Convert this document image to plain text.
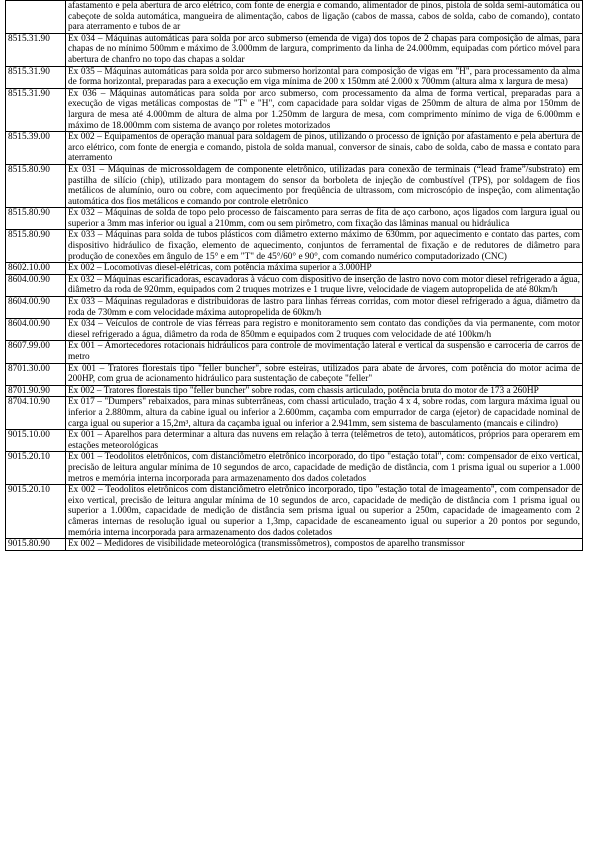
	afastamento e pela abertura de arco elétrico, com fonte de energia e comando, alimentador de pinos, pistola de solda semi-automática ou cabeçote de solda automática, mangueira de alimentação, cabos de ligação (cabos de massa, cabos de solda, cabo de comando), contato para aterramento e tubos de ar
8515.31.90	Ex 034 – Máquinas automáticas para solda por arco submerso (emenda de viga) dos topos de 2 chapas para composição de almas, para chapas de no mínimo 500mm e máximo de 3.000mm de largura, comprimento da linha de 24.000mm, equipadas com pórtico móvel para abertura de chanfro no topo das chapas a soldar
8515.31.90	Ex 035 – Máquinas automáticas para solda por arco submerso horizontal para composição de vigas em "H", para processamento da alma de forma horizontal, preparadas para a execução em viga mínima de 200 x 150mm até 2.000 x 700mm (altura alma x largura de mesa)
8515.31.90	Ex 036 – Máquinas automáticas para solda por arco submerso, com processamento da alma de forma vertical, preparadas para a execução de vigas metálicas compostas de "T" e "H", com capacidade para soldar vigas de 250mm de altura de alma por 150mm de largura de mesa até 4.000mm de altura de alma por 1.250mm de largura de mesa, com comprimento mínimo de viga de 6.000mm e máximo de 18.000mm com sistema de avanço por roletes motorizados
8515.39.00	Ex 002 – Equipamentos de operação manual para soldagem de pinos, utilizando o processo de ignição por afastamento e pela abertura de arco elétrico, com fonte de energia e comando, pistola de solda manual, conversor de sinais, cabo de solda, cabo de massa e contato para aterramento
8515.80.90	Ex 031 – Máquinas de microssoldagem de componente eletrônico, utilizadas para conexão de terminais (“lead frame”/substrato) em pastilha de silício (chip), utilizado para montagem do sensor da borboleta de injeção de combustível (TPS), por soldagem de fios metálicos de alumínio, ouro ou cobre, com aquecimento por freqüência de ultrassom, com microscópio de inspeção, com alimentação automática dos fios metálicos e comando por controle eletrônico
8515.80.90	Ex 032 – Máquinas de solda de topo pelo processo de faiscamento para serras de fita de aço carbono, aços ligados com largura igual ou superior a 3mm mas inferior ou igual a 210mm, com ou sem pirômetro, com fixação das lâminas manual ou hidráulica
8515.80.90	Ex 033 – Máquinas para solda de tubos plásticos com diâmetro externo máximo de 630mm, por aquecimento e contato das partes, com dispositivo hidráulico de fixação, elemento de aquecimento, conjuntos de ferramental de fixação e de redutores de diâmetro para produção de conexões em ângulo de 15° e em "T" de 45°/60° e 90°, com comando numérico computadorizado (CNC)
8602.10.00	Ex 002 – Locomotivas diesel-elétricas, com potência máxima superior a 3.000HP
8604.00.90	Ex 032 – Máquinas escarificadoras, escavadoras à vácuo com dispositivo de inserção de lastro novo com motor diesel refrigerado a água, diâmetro da roda de 920mm, equipados com 2 truques motrizes e 1 truque livre, velocidade de viagem autopropelida de até 80km/h
8604.00.90	Ex 033 – Máquinas reguladoras e distribuidoras de lastro para linhas férreas corridas, com motor diesel refrigerado a água, diâmetro da roda de 730mm e com velocidade máxima autopropelida de 60km/h
8604.00.90	Ex 034 – Veículos de controle de vias férreas para registro e monitoramento sem contato das condições da via permanente, com motor diesel refrigerado a água, diâmetro da roda de 850mm e equipados com 2 truques com velocidade de até 100km/h
8607.99.00	Ex 001 – Amortecedores rotacionais hidráulicos para controle de movimentação lateral e vertical da suspensão e carroceria de carros de metro
8701.30.00	Ex 001 – Tratores florestais tipo "feller buncher", sobre esteiras, utilizados para abate de árvores, com potência do motor acima de 200HP, com grua de acionamento hidráulico para sustentação de cabeçote "feller"
8701.90.90	Ex 002 – Tratores florestais tipo "feller buncher" sobre rodas, com chassis articulado, potência bruta do motor de 173 a 260HP
8704.10.90	Ex 017 – "Dumpers" rebaixados, para minas subterrâneas, com chassi articulado, tração 4 x 4, sobre rodas, com largura máxima igual ou inferior a 2.880mm, altura da cabine igual ou inferior a 2.600mm, caçamba com empurrador de carga (ejetor) de capacidade nominal de carga igual ou superior a 15,2m³, altura da caçamba igual ou inferior a 2.941mm, sem sistema de basculamento (mancais e cilindro)
9015.10.00	Ex 001 – Aparelhos para determinar a altura das nuvens em relação à terra (telêmetros de teto), automáticos, próprios para operarem em estações meteorológicas
9015.20.10	Ex 001 – Teodolitos eletrônicos, com distanciômetro eletrônico incorporado, do tipo "estação total", com: compensador de eixo vertical, precisão de leitura angular mínima de 10 segundos de arco, capacidade de medição de distância, com 1 prisma igual ou superior a 1.000 metros e memória interna incorporada para armazenamento dos dados coletados
9015.20.10	Ex 002 – Teodolitos eletrônicos com distanciômetro eletrônico incorporado, tipo "estação total de imageamento", com compensador de eixo vertical, precisão de leitura angular mínima de 10 segundos de arco, capacidade de medição de distância com 1 prisma igual ou superior a 1.000m, capacidade de medição de distância sem prisma igual ou superior a 250m, capacidade de imageamento com 2 câmeras internas de resolução igual ou superior a 1,3mp, capacidade de escaneamento igual ou superior a 20 pontos por segundo, memória interna incorporada para armazenamento dos dados coletados
9015.80.90	Ex 002 – Medidores de visibilidade meteorológica (transmissômetros), compostos de aparelho transmissor
